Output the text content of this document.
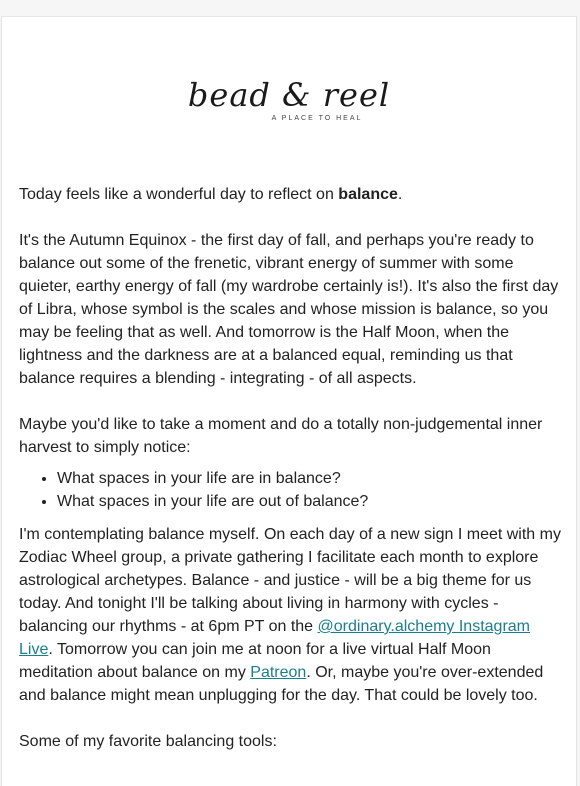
bead & reel
A PLACE TO HEAL

Today feels like a wonderful day to reflect on balance.

It's the Autumn Equinox - the first day of fall, and perhaps you're ready to balance out some of the frenetic, vibrant energy of summer with some quieter, earthy energy of fall (my wardrobe certainly is!). It's also the first day of Libra, whose symbol is the scales and whose mission is balance, so you may be feeling that as well. And tomorrow is the Half Moon, when the lightness and the darkness are at a balanced equal, reminding us that balance requires a blending - integrating - of all aspects.

Maybe you'd like to take a moment and do a totally non-judgemental inner harvest to simply notice:

• What spaces in your life are in balance?
• What spaces in your life are out of balance?

I'm contemplating balance myself. On each day of a new sign I meet with my Zodiac Wheel group, a private gathering I facilitate each month to explore astrological archetypes. Balance - and justice - will be a big theme for us today. And tonight I'll be talking about living in harmony with cycles - balancing our rhythms - at 6pm PT on the @ordinary.alchemy Instagram Live. Tomorrow you can join me at noon for a live virtual Half Moon meditation about balance on my Patreon. Or, maybe you're over-extended and balance might mean unplugging for the day. That could be lovely too.

Some of my favorite balancing tools:
